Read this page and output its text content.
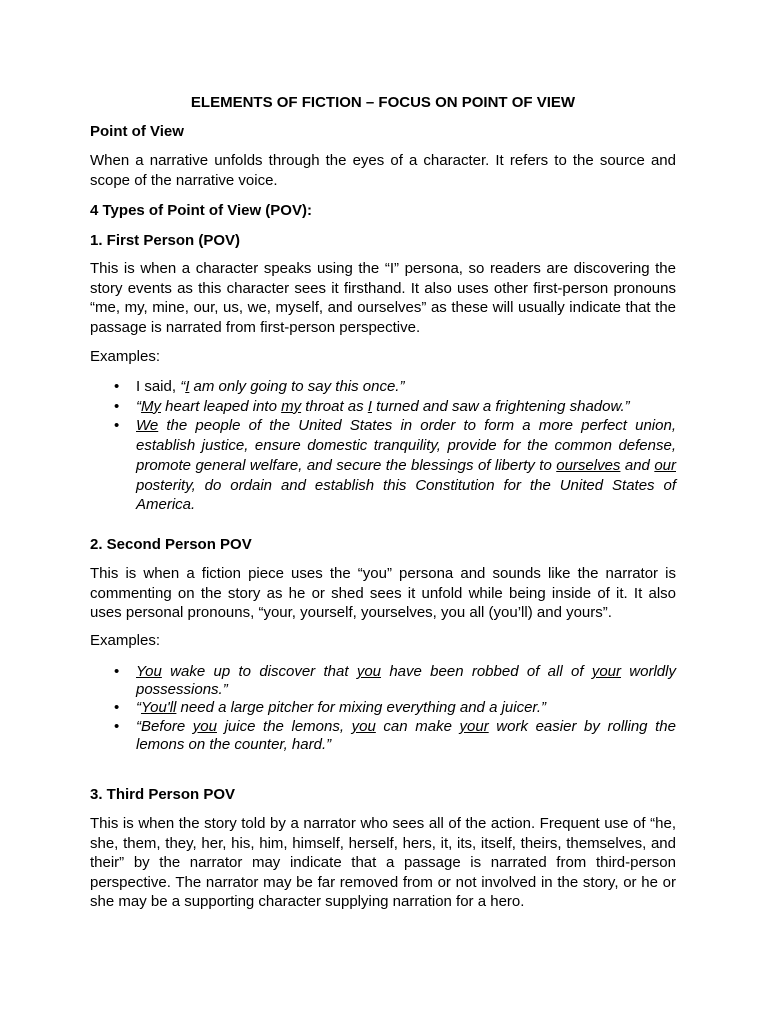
ELEMENTS OF FICTION – FOCUS ON POINT OF VIEW

Point of View

When a narrative unfolds through the eyes of a character. It refers to the source and scope of the narrative voice.

4 Types of Point of View (POV):

1. First Person (POV)

This is when a character speaks using the “I” persona, so readers are discovering the story events as this character sees it firsthand. It also uses other first-person pronouns “me, my, mine, our, us, we, myself, and ourselves” as these will usually indicate that the passage is narrated from first-person perspective.

Examples:

• I said, “I am only going to say this once.”
• “My heart leaped into my throat as I turned and saw a frightening shadow.”
• We the people of the United States in order to form a more perfect union, establish justice, ensure domestic tranquility, provide for the common defense, promote general welfare, and secure the blessings of liberty to ourselves and our posterity, do ordain and establish this Constitution for the United States of America.

2. Second Person POV

This is when a fiction piece uses the “you” persona and sounds like the narrator is commenting on the story as he or shed sees it unfold while being inside of it. It also uses personal pronouns, “your, yourself, yourselves, you all (you’ll) and yours”.

Examples:

• You wake up to discover that you have been robbed of all of your worldly possessions.”
• “You'll need a large pitcher for mixing everything and a juicer.”
• “Before you juice the lemons, you can make your work easier by rolling the lemons on the counter, hard.”

3. Third Person POV

This is when the story told by a narrator who sees all of the action. Frequent use of “he, she, them, they, her, his, him, himself, herself, hers, it, its, itself, theirs, themselves, and their” by the narrator may indicate that a passage is narrated from third-person perspective. The narrator may be far removed from or not involved in the story, or he or she may be a supporting character supplying narration for a hero.
